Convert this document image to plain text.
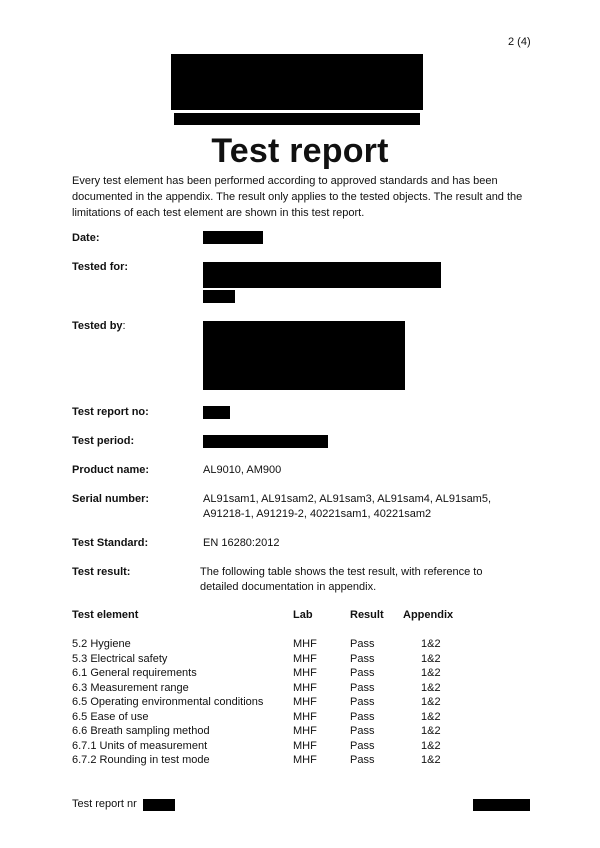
2 (4)
Test report
Every test element has been performed according to approved standards and has been documented in the appendix. The result only applies to the tested objects. The result and the limitations of each test element are shown in this test report.
Date:
Tested for:
Tested by:
Test report no:
Test period:
Product name:	AL9010, AM900
Serial number:	AL91sam1, AL91sam2, AL91sam3, AL91sam4, AL91sam5,
A91218-1, A91219-2, 40221sam1, 40221sam2
Test Standard:	EN 16280:2012
Test result:	The following table shows the test result, with reference to
detailed documentation in appendix.
Test element	Lab	Result Appendix
5.2 Hygiene	MHF	Pass	1&2
5.3 Electrical safety	MHF	Pass	1&2
6.1 General requirements	MHF	Pass	1&2
6.3 Measurement range	MHF	Pass	1&2
6.5 Operating environmental conditions	MHF	Pass	1&2
6.5 Ease of use	MHF	Pass	1&2
6.6 Breath sampling method	MHF	Pass	1&2
6.7.1 Units of measurement	MHF	Pass	1&2
6.7.2 Rounding in test mode	MHF	Pass	1&2
Test report nr
